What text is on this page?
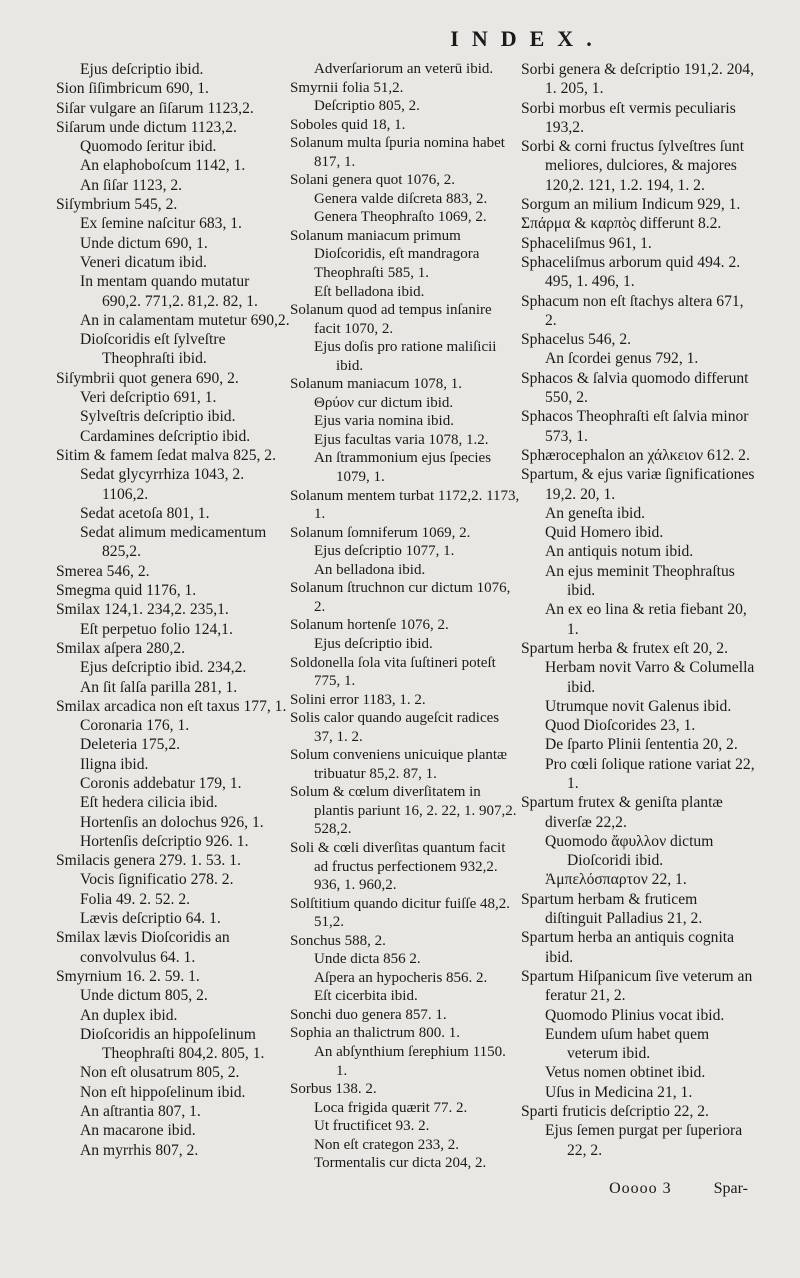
INDEX.
Ejus deſcriptio ibid.
Sion ſiſimbricum 690, 1.
Siſar vulgare an ſiſarum 1123,2.
Siſarum unde dictum 1123,2.
Quomodo ſeritur ibid.
An elaphoboſcum 1142, 1.
An ſiſar 1123, 2.
Siſymbrium 545, 2.
Ex ſemine naſcitur 683, 1.
Unde dictum 690, 1.
Veneri dicatum ibid.
In mentam quando mutatur 690,2. 771,2. 81,2. 82, 1.
An in calamentam mutetur 690,2.
Dioſcoridis eſt ſylveſtre Theophraſti ibid.
Siſymbrii quot genera 690, 2.
Veri deſcriptio 691, 1.
Sylveſtris deſcriptio ibid.
Cardamines deſcriptio ibid.
Sitim & famem ſedat malva 825, 2.
Sedat glycyrrhiza 1043, 2. 1106,2.
Sedat acetoſa 801, 1.
Sedat alimum medicamentum 825,2.
Smerea 546, 2.
Smegma quid 1176, 1.
Smilax 124,1. 234,2. 235,1.
Eſt perpetuo folio 124,1.
Smilax aſpera 280,2.
Ejus deſcriptio ibid. 234,2.
An ſit ſalſa parilla 281, 1.
Smilax arcadica non eſt taxus 177, 1.
Coronaria 176, 1.
Deleteria 175,2.
Iligna ibid.
Coronis addebatur 179, 1.
Eſt hedera cilicia ibid.
Hortenſis an dolochus 926, 1.
Hortenſis deſcriptio 926. 1.
Smilacis genera 279. 1. 53. 1.
Vocis ſignificatio 278. 2.
Folia 49. 2. 52. 2.
Lævis deſcriptio 64. 1.
Smilax lævis Dioſcoridis an convolvulus 64. 1.
Smyrnium 16. 2. 59. 1.
Unde dictum 805, 2.
An duplex ibid.
Dioſcoridis an hippoſelinum Theophraſti 804,2. 805, 1.
Non eſt olusatrum 805, 2.
Non eſt hippoſelinum ibid.
An aſtrantia 807, 1.
An macarone ibid.
An myrrhis 807, 2.
Adverſariorum an veterū ibid.
Smyrnii folia 51,2.
Deſcriptio 805, 2.
Soboles quid 18, 1.
Solanum multa ſpuria nomina habet 817, 1.
Solani genera quot 1076, 2.
Genera valde diſcreta 883, 2.
Genera Theophraſto 1069, 2.
Solanum maniacum primum Dioſcoridis, eſt mandragora Theophraſti 585, 1.
Eſt belladona ibid.
Solanum quod ad tempus inſanire facit 1070, 2.
Ejus doſis pro ratione maliſicii ibid.
Solanum maniacum 1078, 1.
Θρύον cur dictum ibid.
Ejus varia nomina ibid.
Ejus facultas varia 1078, 1.2.
An ſtrammonium ejus ſpecies 1079, 1.
Solanum mentem turbat 1172,2. 1173, 1.
Solanum ſomniferum 1069, 2.
Ejus deſcriptio 1077, 1.
An belladona ibid.
Solanum ſtruchnon cur dictum 1076, 2.
Solanum hortenſe 1076, 2.
Ejus deſcriptio ibid.
Soldonella ſola vita ſuſtineri poteſt 775, 1.
Solini error 1183, 1. 2.
Solis calor quando augeſcit radices 37, 1. 2.
Solum conveniens unicuique plantæ tribuatur 85,2. 87, 1.
Solum & cœlum diverſitatem in plantis pariunt 16, 2. 22, 1. 907,2. 528,2.
Soli & cœli diverſitas quantum facit ad fructus perfectionem 932,2. 936, 1. 960,2.
Solſtitium quando dicitur fuiſſe 48,2. 51,2.
Sonchus 588, 2.
Unde dicta 856 2.
Aſpera an hypocheris 856. 2.
Eſt cicerbita ibid.
Sonchi duo genera 857. 1.
Sophia an thalictrum 800. 1.
An abſynthium ſerephium 1150. 1.
Sorbus 138. 2.
Loca frigida quærit 77. 2.
Ut fructificet 93. 2.
Non eſt crategon 233, 2.
Tormentalis cur dicta 204, 2.
Sorbi genera & deſcriptio 191,2. 204, 1. 205, 1.
Sorbi morbus eſt vermis peculiaris 193,2.
Sorbi & corni fructus ſylveſtres ſunt meliores, dulciores, & majores 120,2. 121, 1.2. 194, 1. 2.
Sorgum an milium Indicum 929, 1.
Σπάρμα & καρπὸς differunt 8.2.
Sphaceliſmus 961, 1.
Sphaceliſmus arborum quid 494. 2. 495, 1. 496, 1.
Sphacum non eſt ſtachys altera 671, 2.
Sphacelus 546, 2.
An ſcordei genus 792, 1.
Sphacos & ſalvia quomodo differunt 550, 2.
Sphacos Theophraſti eſt ſalvia minor 573, 1.
Sphærocephalon an χάλκειον 612. 2.
Spartum, & ejus variæ ſignificationes 19,2. 20, 1.
An geneſta ibid.
Quid Homero ibid.
An antiquis notum ibid.
An ejus meminit Theophraſtus ibid.
An ex eo lina & retia fiebant 20, 1.
Spartum herba & frutex eſt 20, 2.
Herbam novit Varro & Columella ibid.
Utrumque novit Galenus ibid.
Quod Dioſcorides 23, 1.
De ſparto Plinii ſententia 20, 2.
Pro cœli ſolique ratione variat 22, 1.
Spartum frutex & geniſta plantæ diverſæ 22,2.
Quomodo ἄφυλλον dictum Dioſcoridi ibid.
Ἀμπελόσπαρτον 22, 1.
Spartum herbam & fruticem diſtinguit Palladius 21, 2.
Spartum herba an antiquis cognita ibid.
Spartum Hiſpanicum ſive veterum an feratur 21, 2.
Quomodo Plinius vocat ibid.
Eundem uſum habet quem veterum ibid.
Vetus nomen obtinet ibid.
Uſus in Medicina 21, 1.
Sparti fruticis deſcriptio 22, 2.
Ejus ſemen purgat per ſuperiora 22, 2.
Ooooo 3	Spar-
